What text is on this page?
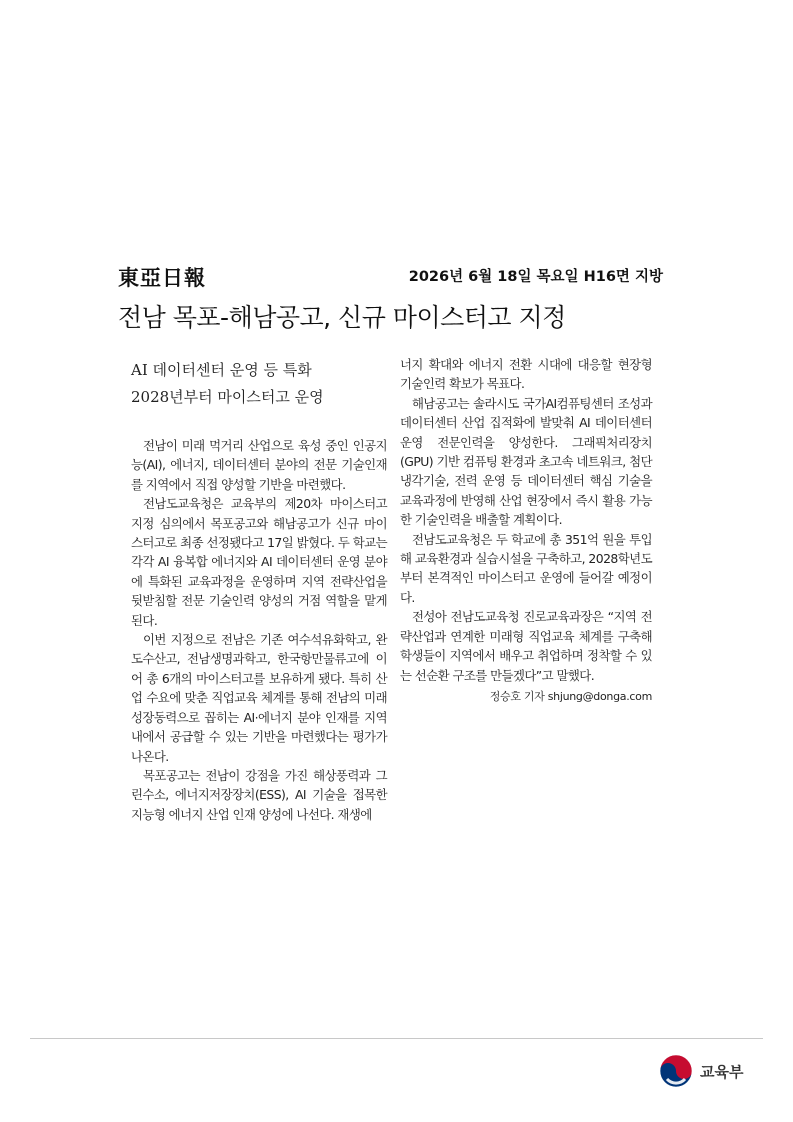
東亞日報	2026년 6월 18일 목요일 H16면 지방
전남 목포-해남공고, 신규 마이스터고 지정
AI 데이터센터 운영 등 특화
2028년부터 마이스터고 운영

전남이 미래 먹거리 산업으로 육성 중인 인공지능(AI), 에너지, 데이터센터 분야의 전문 기술인재를 지역에서 직접 양성할 기반을 마련했다.

전남도교육청은 교육부의 제20차 마이스터고 지정 심의에서 목포공고와 해남공고가 신규 마이스터고로 최종 선정됐다고 17일 밝혔다. 두 학교는 각각 AI 융복합 에너지와 AI 데이터센터 운영 분야에 특화된 교육과정을 운영하며 지역 전략산업을 뒷받침할 전문 기술인력 양성의 거점 역할을 맡게 된다.

이번 지정으로 전남은 기존 여수석유화학고, 완도수산고, 전남생명과학고, 한국항만물류고에 이어 총 6개의 마이스터고를 보유하게 됐다. 특히 산업 수요에 맞춘 직업교육 체계를 통해 전남의 미래 성장동력으로 꼽히는 AI·에너지 분야 인재를 지역 내에서 공급할 수 있는 기반을 마련했다는 평가가 나온다.

목포공고는 전남이 강점을 가진 해상풍력과 그린수소, 에너지저장장치(ESS), AI 기술을 접목한 지능형 에너지 산업 인재 양성에 나선다. 재생에

너지 확대와 에너지 전환 시대에 대응할 현장형 기술인력 확보가 목표다.

해남공고는 솔라시도 국가AI컴퓨팅센터 조성과 데이터센터 산업 집적화에 발맞춰 AI 데이터센터 운영 전문인력을 양성한다. 그래픽처리장치(GPU) 기반 컴퓨팅 환경과 초고속 네트워크, 첨단 냉각기술, 전력 운영 등 데이터센터 핵심 기술을 교육과정에 반영해 산업 현장에서 즉시 활용 가능한 기술인력을 배출할 계획이다.

전남도교육청은 두 학교에 총 351억 원을 투입해 교육환경과 실습시설을 구축하고, 2028학년도부터 본격적인 마이스터고 운영에 들어갈 예정이다.

전성아 전남도교육청 진로교육과장은 “지역 전략산업과 연계한 미래형 직업교육 체계를 구축해 학생들이 지역에서 배우고 취업하며 정착할 수 있는 선순환 구조를 만들겠다”고 말했다.

정승호 기자 shjung@donga.com
교육부
